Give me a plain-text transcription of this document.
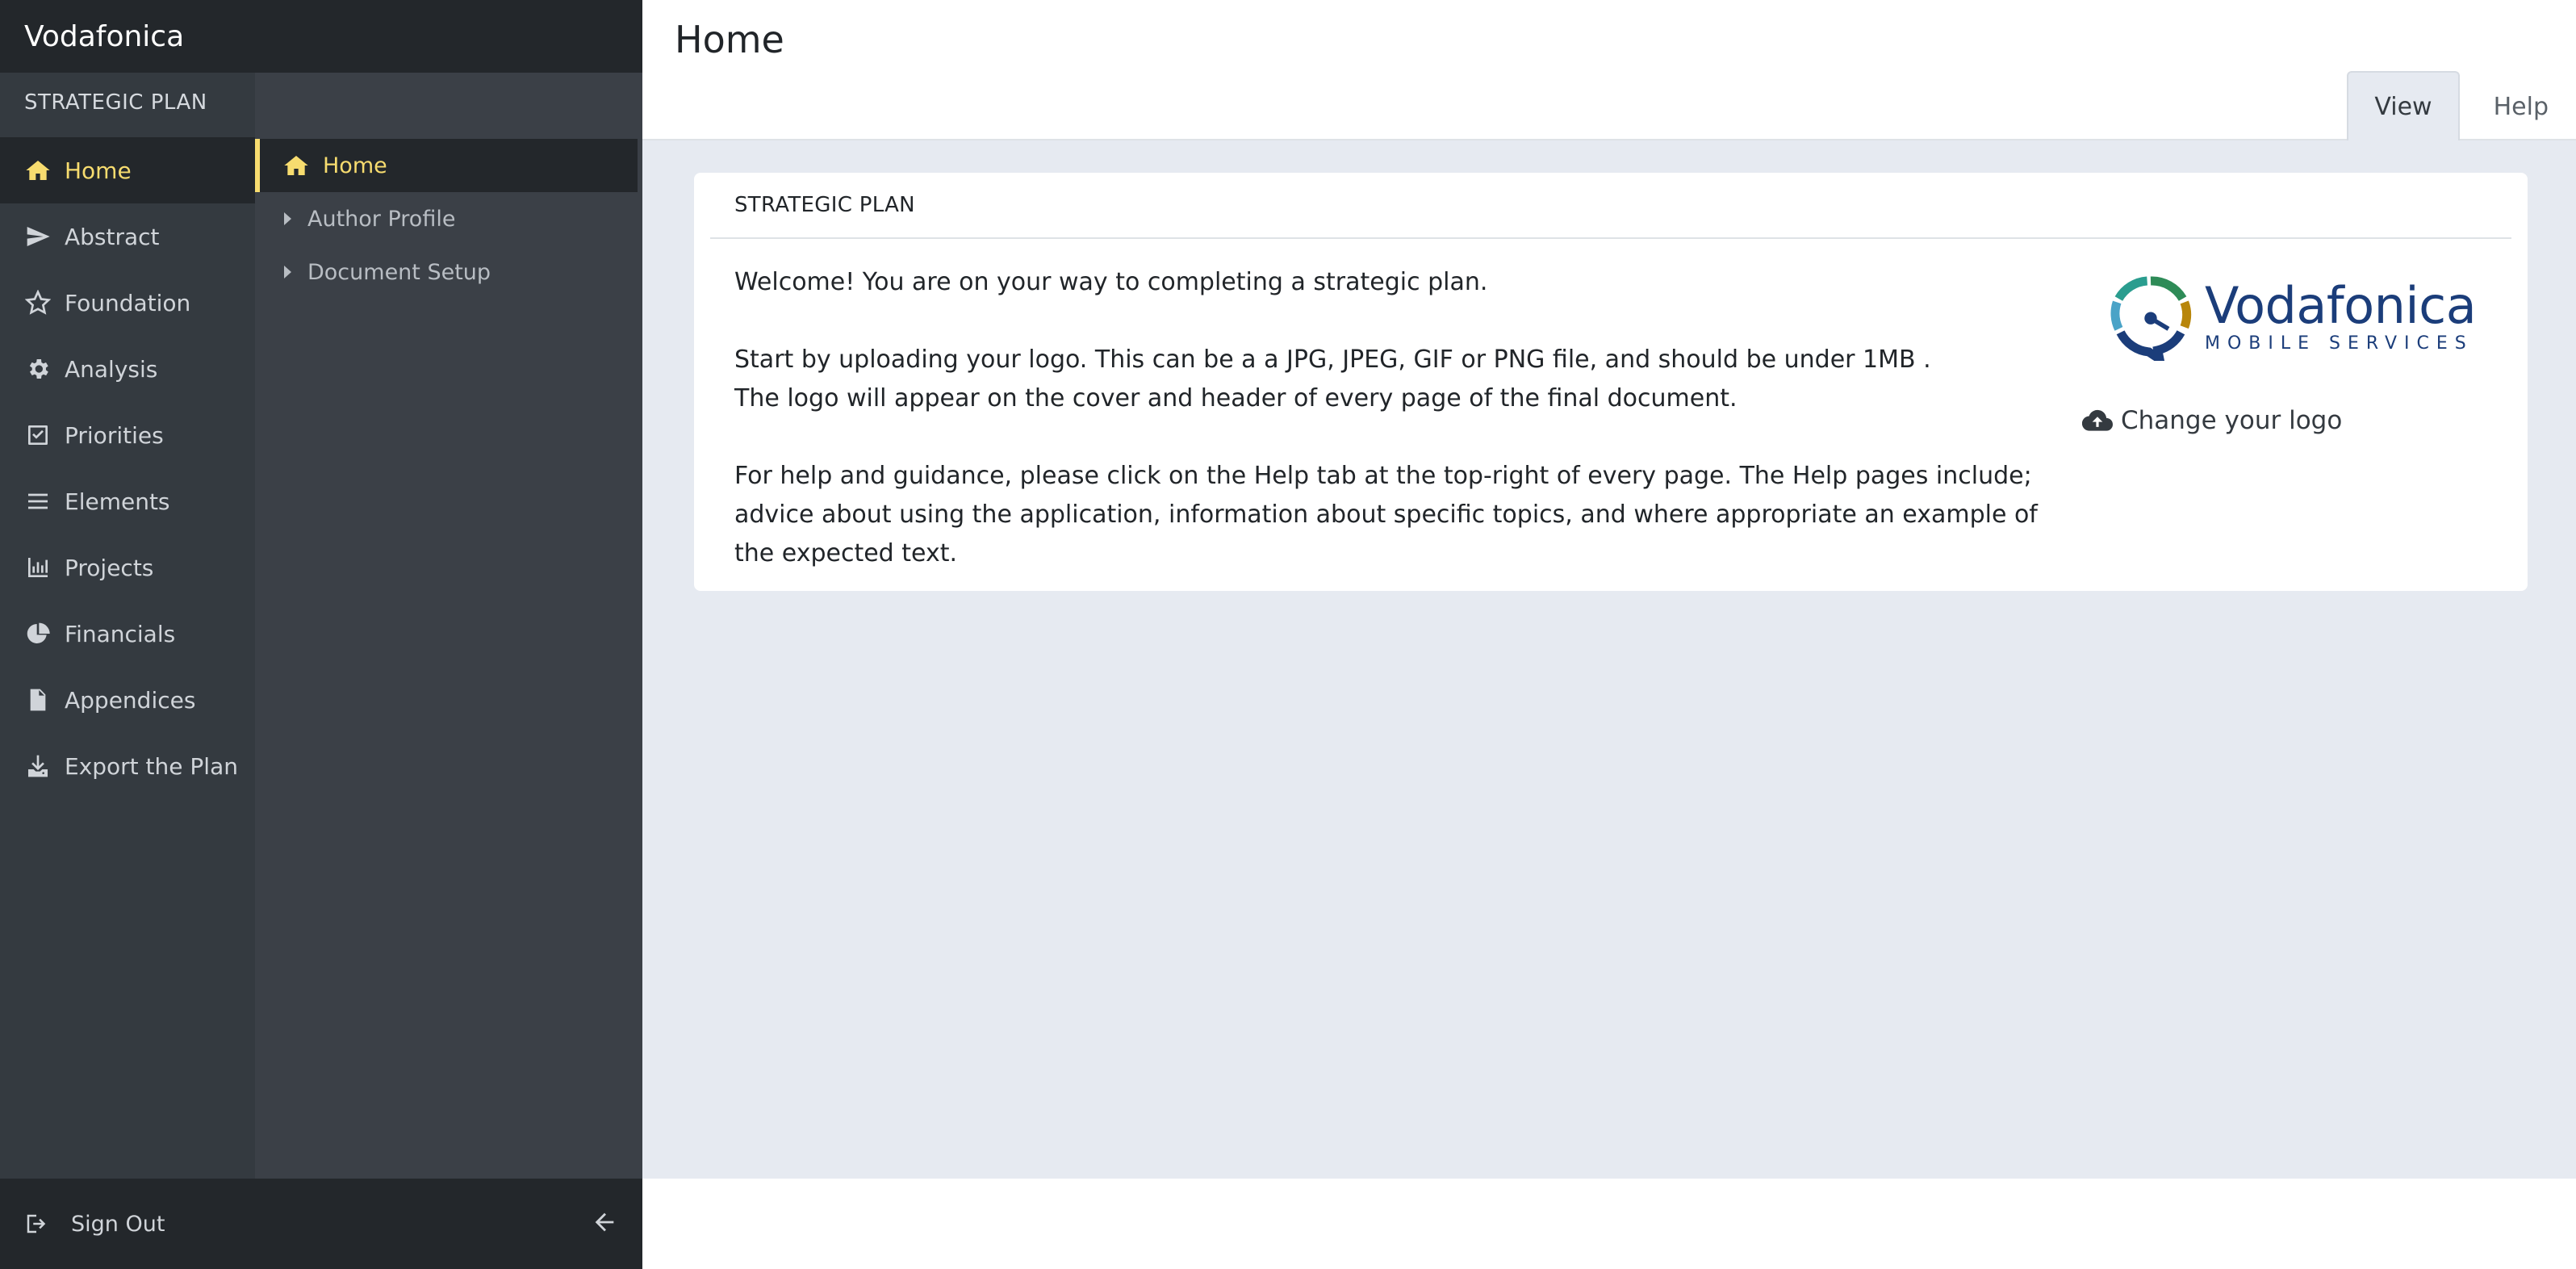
Vodafonica
STRATEGIC PLAN
Home
Abstract
Foundation
Analysis
Priorities
Elements
Projects
Financials
Appendices
Export the Plan
Home
Author Profile
Document Setup
Sign Out
Home
View	Help
STRATEGIC PLAN

Welcome! You are on your way to completing a strategic plan.

Start by uploading your logo. This can be a a JPG, JPEG, GIF or PNG file, and should be under 1MB .

The logo will appear on the cover and header of every page of the final document.

For help and guidance, please click on the Help tab at the top-right of every page. The Help pages include; advice about using the application, information about specific topics, and where appropriate an example of the expected text.

Vodafonica
MOBILE SERVICES
Change your logo
